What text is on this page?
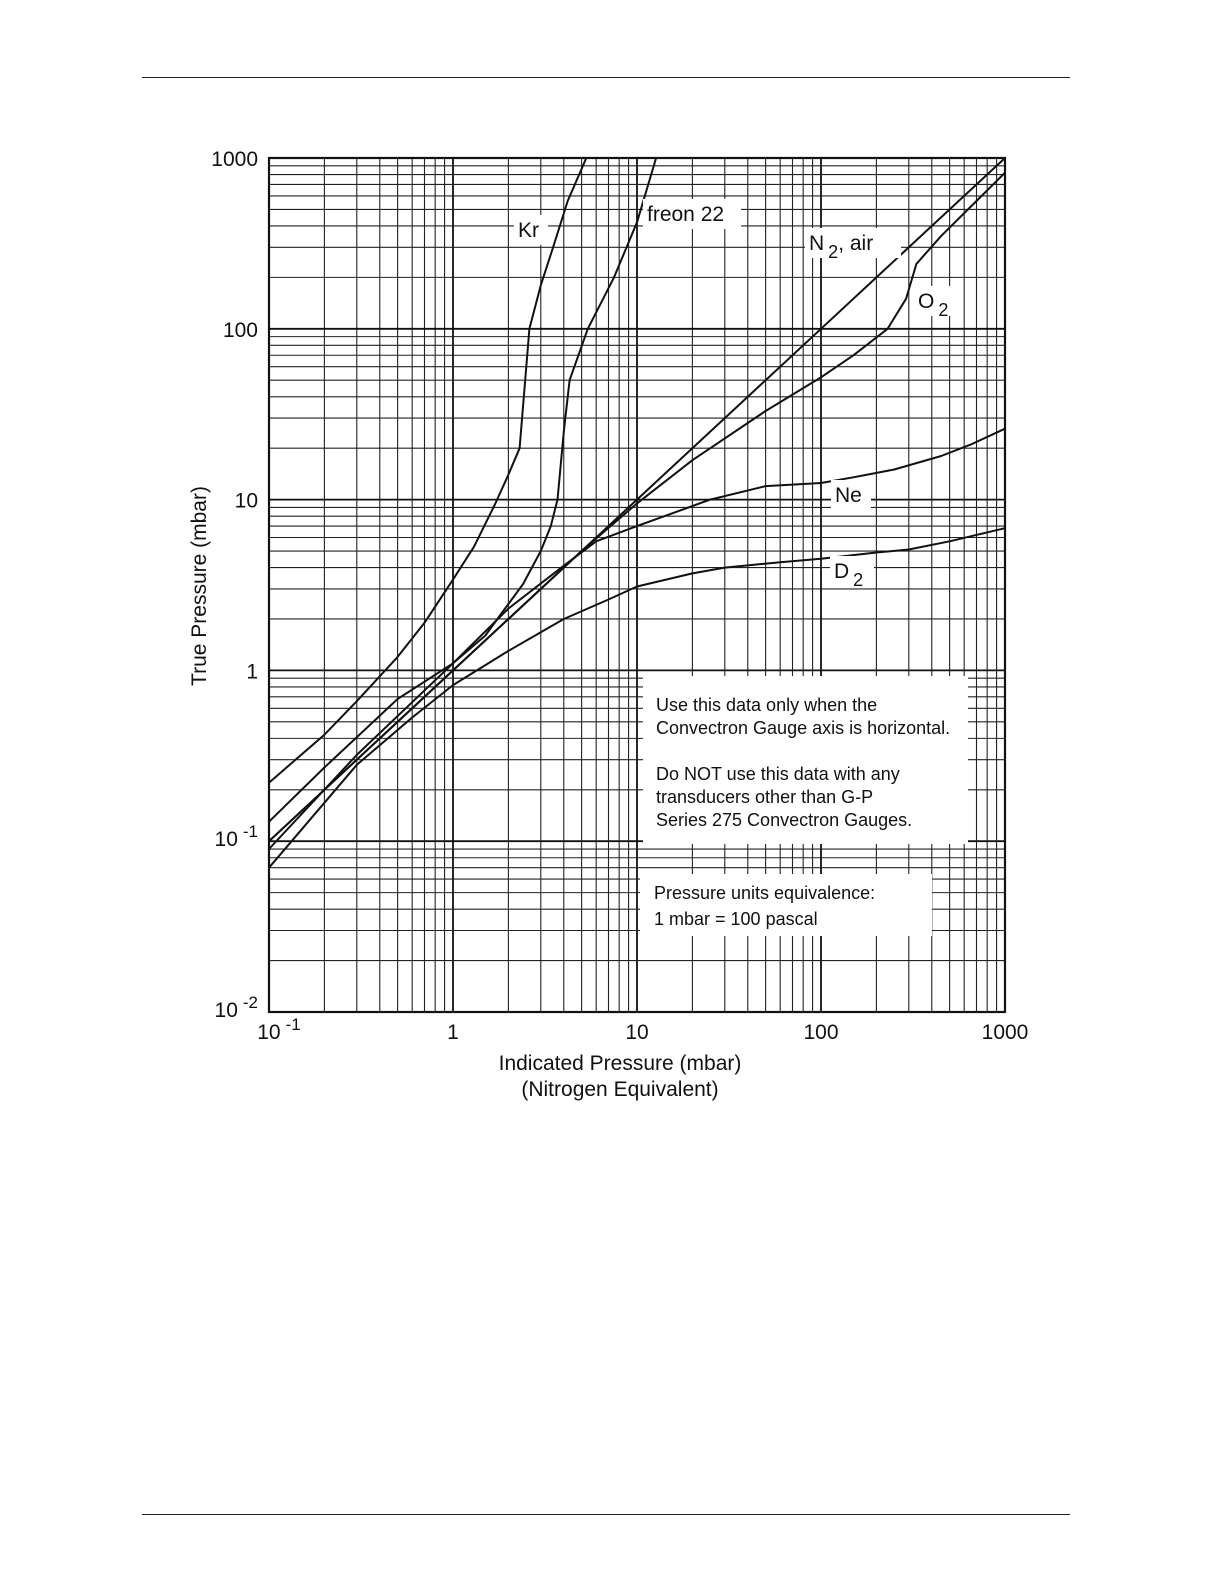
Use this data only when the
Convectron Gauge axis is horizontal.
Do NOT use this data with any
transducers other than G-P
Series 275 Convectron Gauges.
Pressure units equivalence:
1 mbar = 100 pascal
Kr
freon 22
N 2, air
O 2
Ne
D 2
10 $^{-2}$
10 $^{-1}$
1
10
100
1000
10 $^{-1}$	1	10	100	1000
True Pressure (mbar)
Indicated Pressure (mbar)
(Nitrogen Equivalent)
